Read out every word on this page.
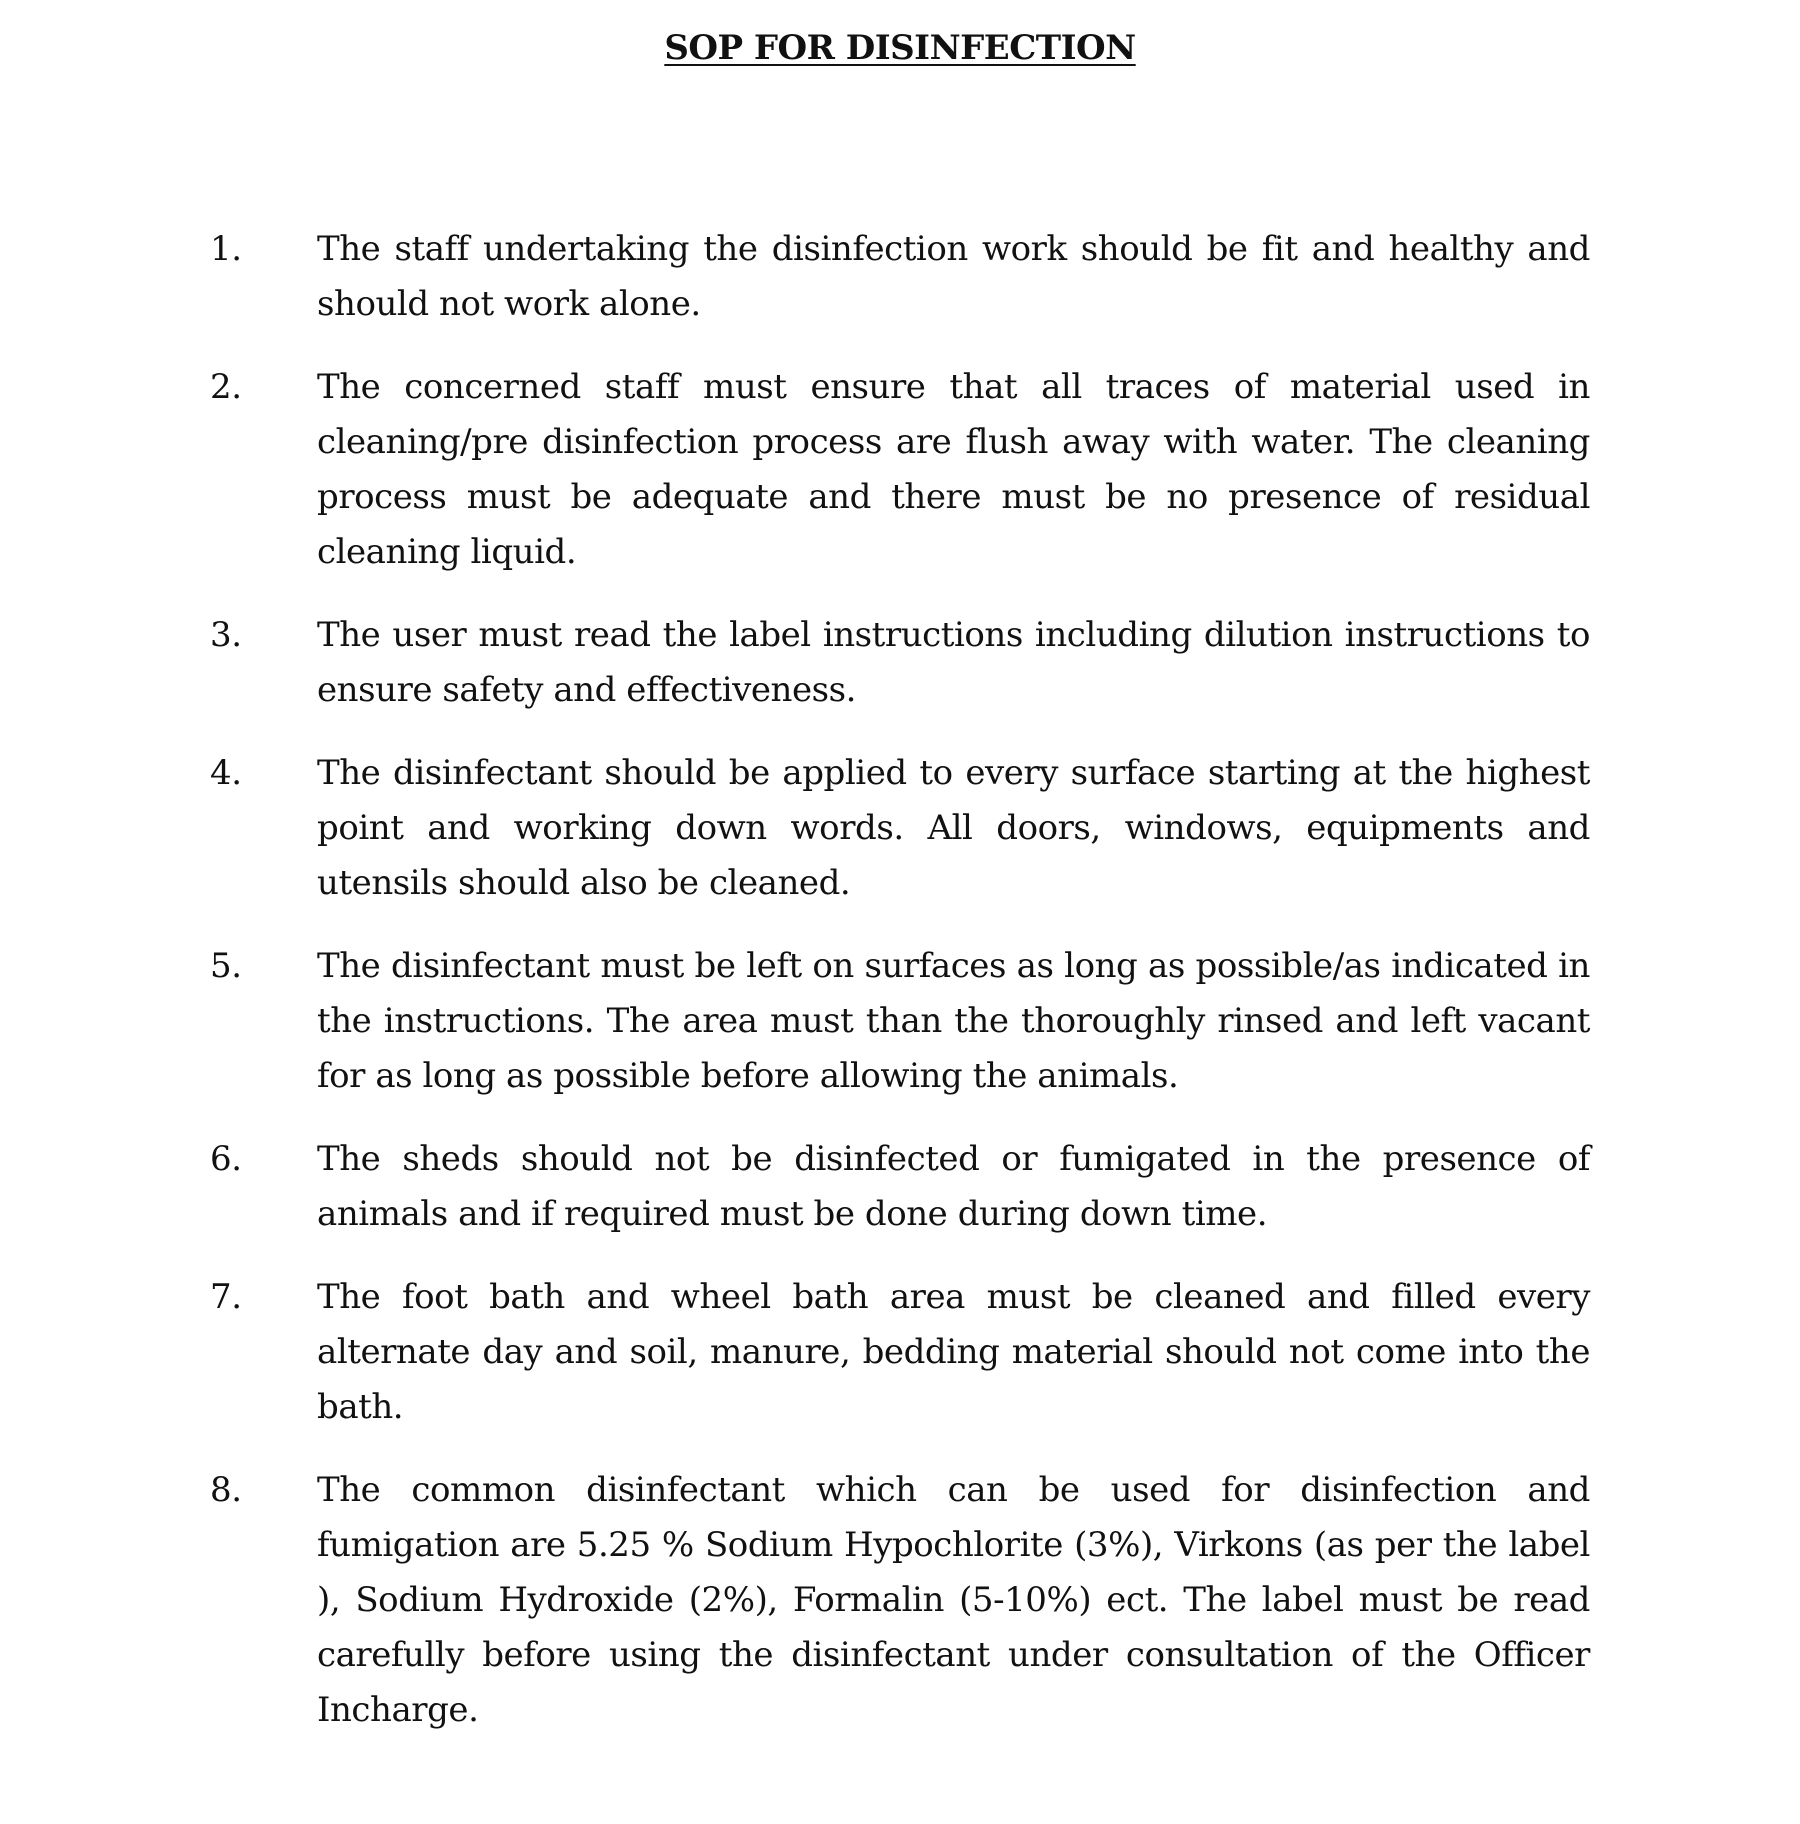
SOP FOR DISINFECTION
1. The staff undertaking the disinfection work should be fit and healthy and should not work alone.
2. The concerned staff must ensure that all traces of material used in cleaning/pre disinfection process are flush away with water. The cleaning process must be adequate and there must be no presence of residual cleaning liquid.
3. The user must read the label instructions including dilution instructions to ensure safety and effectiveness.
4. The disinfectant should be applied to every surface starting at the highest point and working down words. All doors, windows, equipments and utensils should also be cleaned.
5. The disinfectant must be left on surfaces as long as possible/as indicated in the instructions. The area must than the thoroughly rinsed and left vacant for as long as possible before allowing the animals.
6. The sheds should not be disinfected or fumigated in the presence of animals and if required must be done during down time.
7. The foot bath and wheel bath area must be cleaned and filled every alternate day and soil, manure, bedding material should not come into the bath.
8. The common disinfectant which can be used for disinfection and fumigation are 5.25 % Sodium Hypochlorite (3%), Virkons (as per the label ), Sodium Hydroxide (2%), Formalin (5-10%) ect. The label must be read carefully before using the disinfectant under consultation of the Officer Incharge.
